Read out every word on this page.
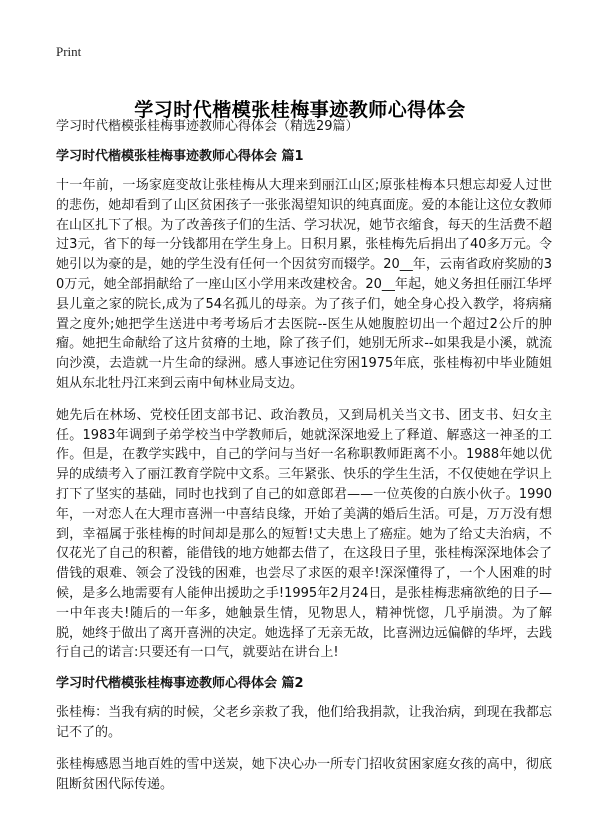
Print
学习时代楷模张桂梅事迹教师心得体会
学习时代楷模张桂梅事迹教师心得体会（精选29篇）
学习时代楷模张桂梅事迹教师心得体会 篇1

十一年前，一场家庭变故让张桂梅从大理来到丽江山区;原张桂梅本只想忘却爱人过世的悲伤，她却看到了山区贫困孩子一张张渴望知识的纯真面庞。爱的本能让这位女教师在山区扎下了根。为了改善孩子们的生活、学习状况，她节衣缩食，每天的生活费不超过3元，省下的每一分钱都用在学生身上。日积月累，张桂梅先后捐出了40多万元。令她引以为豪的是，她的学生没有任何一个因贫穷而辍学。20__年，云南省政府奖励的30万元，她全部捐献给了一座山区小学用来改建校舍。20__年起，她义务担任丽江华坪县儿童之家的院长,成为了54名孤儿的母亲。为了孩子们，她全身心投入教学，将病痛置之度外;她把学生送进中考考场后才去医院--医生从她腹腔切出一个超过2公斤的肿瘤。她把生命献给了这片贫瘠的土地，除了孩子们，她别无所求--如果我是小溪，就流向沙漠，去造就一片生命的绿洲。感人事迹记住穷困1975年底，张桂梅初中毕业随姐姐从东北牡丹江来到云南中甸林业局支边。

她先后在林场、党校任团支部书记、政治教员，又到局机关当文书、团支书、妇女主任。1983年调到子弟学校当中学教师后，她就深深地爱上了释道、解惑这一神圣的工作。但是，在教学实践中，自己的学问与当好一名称职教师距离不小。1988年她以优异的成绩考入了丽江教育学院中文系。三年紧张、快乐的学生生活，不仅使她在学识上打下了坚实的基础，同时也找到了自己的如意郎君——一位英俊的白族小伙子。1990年，一对恋人在大理市喜洲一中喜结良缘，开始了美满的婚后生活。可是，万万没有想到，幸福属于张桂梅的时间却是那么的短暂!丈夫患上了癌症。她为了给丈夫治病，不仅花光了自己的积蓄，能借钱的地方她都去借了，在这段日子里，张桂梅深深地体会了借钱的艰难、领会了没钱的困难，也尝尽了求医的艰辛!深深懂得了，一个人困难的时候，是多么地需要有人能伸出援助之手!1995年2月24日，是张桂梅悲痛欲绝的日子—一中年丧夫!随后的一年多，她触景生情，见物思人，精神恍惚，几乎崩溃。为了解脱，她终于做出了离开喜洲的决定。她选择了无亲无故，比喜洲边远偏僻的华坪，去践行自己的诺言:只要还有一口气，就要站在讲台上!

学习时代楷模张桂梅事迹教师心得体会 篇2

张桂梅：当我有病的时候，父老乡亲救了我，他们给我捐款，让我治病，到现在我都忘记不了的。

张桂梅感恩当地百姓的雪中送炭，她下决心办一所专门招收贫困家庭女孩的高中，彻底阻断贫困代际传递。
